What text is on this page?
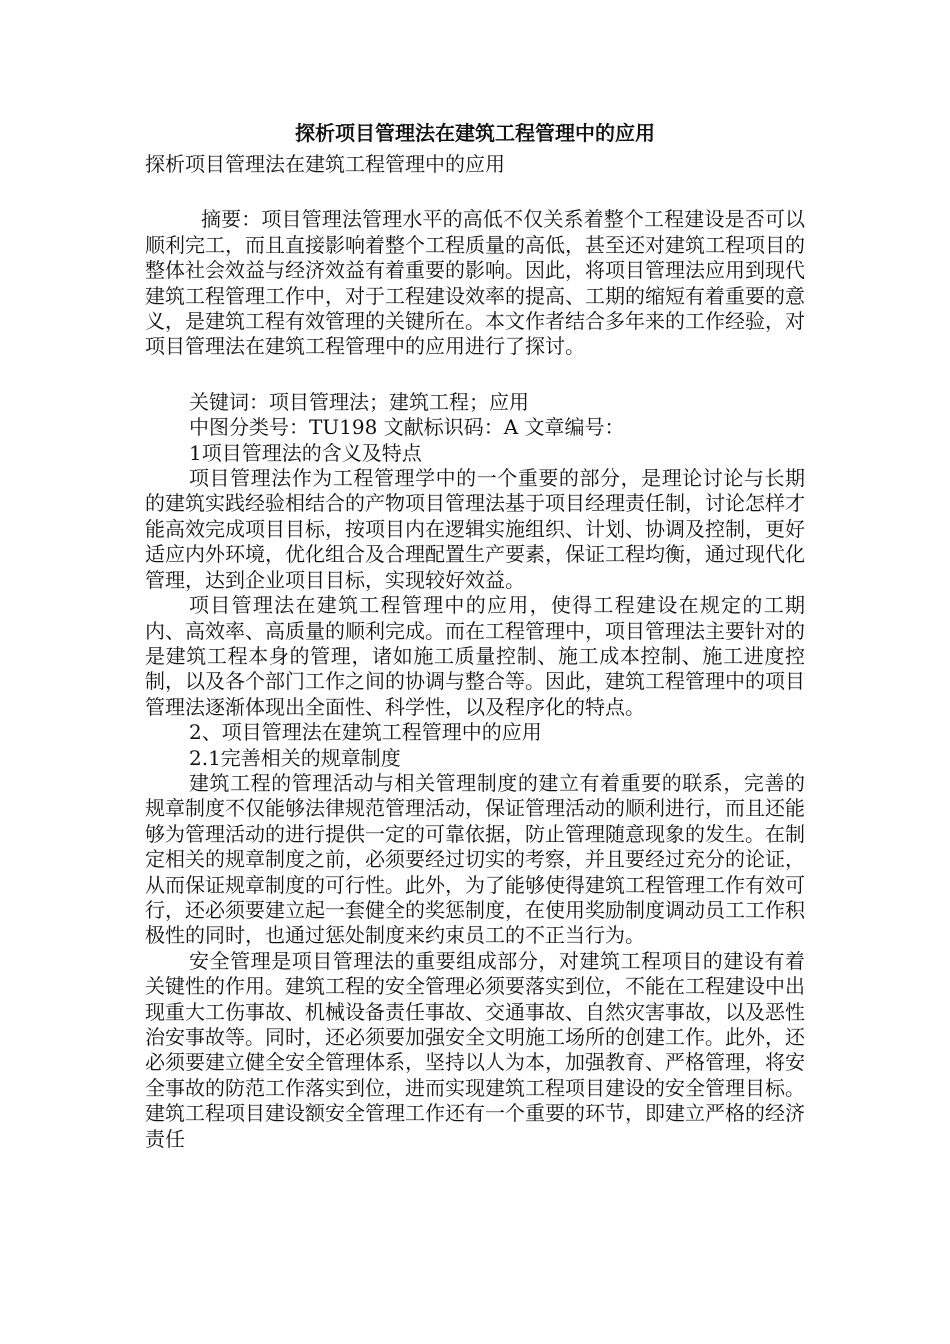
探析项目管理法在建筑工程管理中的应用
探析项目管理法在建筑工程管理中的应用

摘要：项目管理法管理水平的高低不仅关系着整个工程建设是否可以顺利完工，而且直接影响着整个工程质量的高低，甚至还对建筑工程项目的整体社会效益与经济效益有着重要的影响。因此，将项目管理法应用到现代建筑工程管理工作中，对于工程建设效率的提高、工期的缩短有着重要的意义，是建筑工程有效管理的关键所在。本文作者结合多年来的工作经验，对项目管理法在建筑工程管理中的应用进行了探讨。

关键词：项目管理法；建筑工程；应用
中图分类号：TU198 文献标识码：A 文章编号：
1项目管理法的含义及特点

项目管理法作为工程管理学中的一个重要的部分，是理论讨论与长期的建筑实践经验相结合的产物项目管理法基于项目经理责任制，讨论怎样才能高效完成项目目标，按项目内在逻辑实施组织、计划、协调及控制，更好适应内外环境，优化组合及合理配置生产要素，保证工程均衡，通过现代化管理，达到企业项目目标，实现较好效益。

项目管理法在建筑工程管理中的应用，使得工程建设在规定的工期内、高效率、高质量的顺利完成。而在工程管理中，项目管理法主要针对的是建筑工程本身的管理，诸如施工质量控制、施工成本控制、施工进度控制，以及各个部门工作之间的协调与整合等。因此，建筑工程管理中的项目管理法逐渐体现出全面性、科学性，以及程序化的特点。

2、项目管理法在建筑工程管理中的应用
2.1完善相关的规章制度

建筑工程的管理活动与相关管理制度的建立有着重要的联系，完善的规章制度不仅能够法律规范管理活动，保证管理活动的顺利进行，而且还能够为管理活动的进行提供一定的可靠依据，防止管理随意现象的发生。在制定相关的规章制度之前，必须要经过切实的考察，并且要经过充分的论证，从而保证规章制度的可行性。此外，为了能够使得建筑工程管理工作有效可行，还必须要建立起一套健全的奖惩制度，在使用奖励制度调动员工工作积极性的同时，也通过惩处制度来约束员工的不正当行为。

安全管理是项目管理法的重要组成部分，对建筑工程项目的建设有着关键性的作用。建筑工程的安全管理必须要落实到位，不能在工程建设中出现重大工伤事故、机械设备责任事故、交通事故、自然灾害事故，以及恶性治安事故等。同时，还必须要加强安全文明施工场所的创建工作。此外，还必须要建立健全安全管理体系，坚持以人为本，加强教育、严格管理，将安全事故的防范工作落实到位，进而实现建筑工程项目建设的安全管理目标。建筑工程项目建设额安全管理工作还有一个重要的环节，即建立严格的经济责任
